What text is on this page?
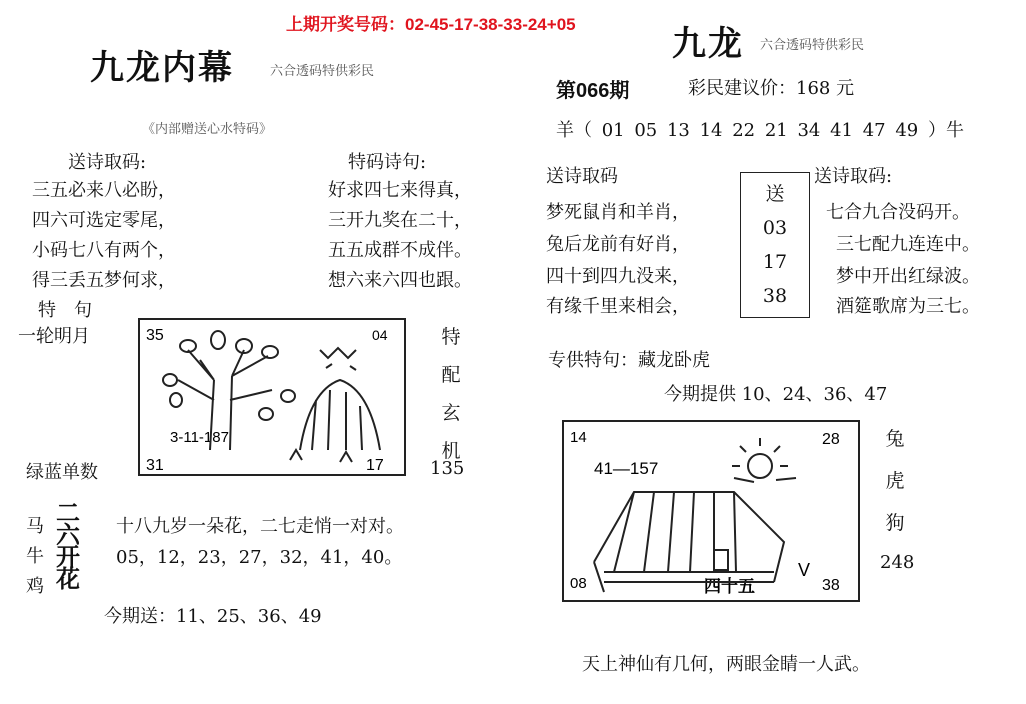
上期开奖号码：02-45-17-38-33-24+05
九龙内幕	六合透码特供彩民
《内部赠送心水特码》
送诗取码:
三五必来八必盼，
四六可选定零尾，
小码七八有两个，
得三丢五梦何求，
特码诗句:
好求四七来得真，
三开九奖在二十，
五五成群不成伴。
想六来六四也跟。
特　句
一轮明月	35	04
31	17
3-11-187
特
配
玄
机
绿蓝单数	135
马
牛
鸡
二
六
开
花
十八九岁一朵花，二七走悄一对对。
05，12，23，27，32，41，40。
今期送：11、25、36、49
九龙 六合透码特供彩民
第066期	彩民建议价：168 元
羊（ 01 05 13 14 22 21 34 41 47 49 ）牛
送诗取码
梦死鼠肖和羊肖，
兔后龙前有好肖，
四十到四九没来，
有缘千里来相会，
送
03
17
38
送诗取码:
七合九合没码开。
三七配九连连中。
梦中开出红绿波。
酒筵歌席为三七。
专供特句：藏龙卧虎
今期提供 10、24、36、47
14	28
08	38
41—157
四十五
V
兔
虎
狗
248
天上神仙有几何，两眼金睛一人武。
